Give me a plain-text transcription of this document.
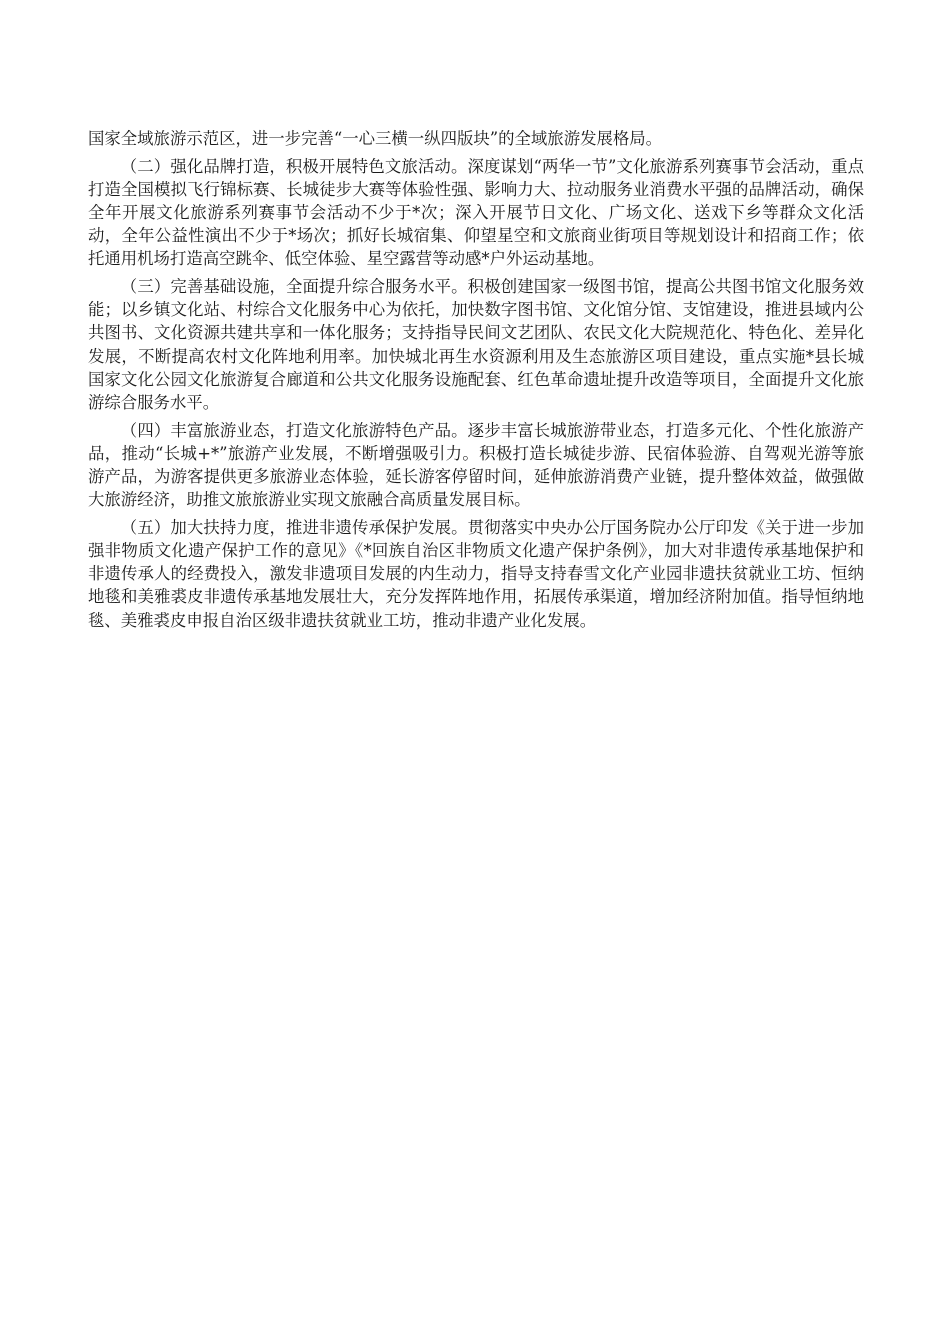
国家全域旅游示范区，进一步完善“一心三横一纵四版块”的全域旅游发展格局。

（二）强化品牌打造，积极开展特色文旅活动。深度谋划“两华一节”文化旅游系列赛事节会活动，重点打造全国模拟飞行锦标赛、长城徒步大赛等体验性强、影响力大、拉动服务业消费水平强的品牌活动，确保全年开展文化旅游系列赛事节会活动不少于*次；深入开展节日文化、广场文化、送戏下乡等群众文化活动，全年公益性演出不少于*场次；抓好长城宿集、仰望星空和文旅商业街项目等规划设计和招商工作；依托通用机场打造高空跳伞、低空体验、星空露营等动感*户外运动基地。

（三）完善基础设施，全面提升综合服务水平。积极创建国家一级图书馆，提高公共图书馆文化服务效能；以乡镇文化站、村综合文化服务中心为依托，加快数字图书馆、文化馆分馆、支馆建设，推进县域内公共图书、文化资源共建共享和一体化服务；支持指导民间文艺团队、农民文化大院规范化、特色化、差异化发展，不断提高农村文化阵地利用率。加快城北再生水资源利用及生态旅游区项目建设，重点实施*县长城国家文化公园文化旅游复合廊道和公共文化服务设施配套、红色革命遗址提升改造等项目，全面提升文化旅游综合服务水平。

（四）丰富旅游业态，打造文化旅游特色产品。逐步丰富长城旅游带业态，打造多元化、个性化旅游产品，推动“长城+*”旅游产业发展，不断增强吸引力。积极打造长城徒步游、民宿体验游、自驾观光游等旅游产品，为游客提供更多旅游业态体验，延长游客停留时间，延伸旅游消费产业链，提升整体效益，做强做大旅游经济，助推文旅旅游业实现文旅融合高质量发展目标。

（五）加大扶持力度，推进非遗传承保护发展。贯彻落实中央办公厅国务院办公厅印发《关于进一步加强非物质文化遗产保护工作的意见》《*回族自治区非物质文化遗产保护条例》，加大对非遗传承基地保护和非遗传承人的经费投入，激发非遗项目发展的内生动力，指导支持春雪文化产业园非遗扶贫就业工坊、恒纳地毯和美雅裘皮非遗传承基地发展壮大，充分发挥阵地作用，拓展传承渠道，增加经济附加值。指导恒纳地毯、美雅裘皮申报自治区级非遗扶贫就业工坊，推动非遗产业化发展。
